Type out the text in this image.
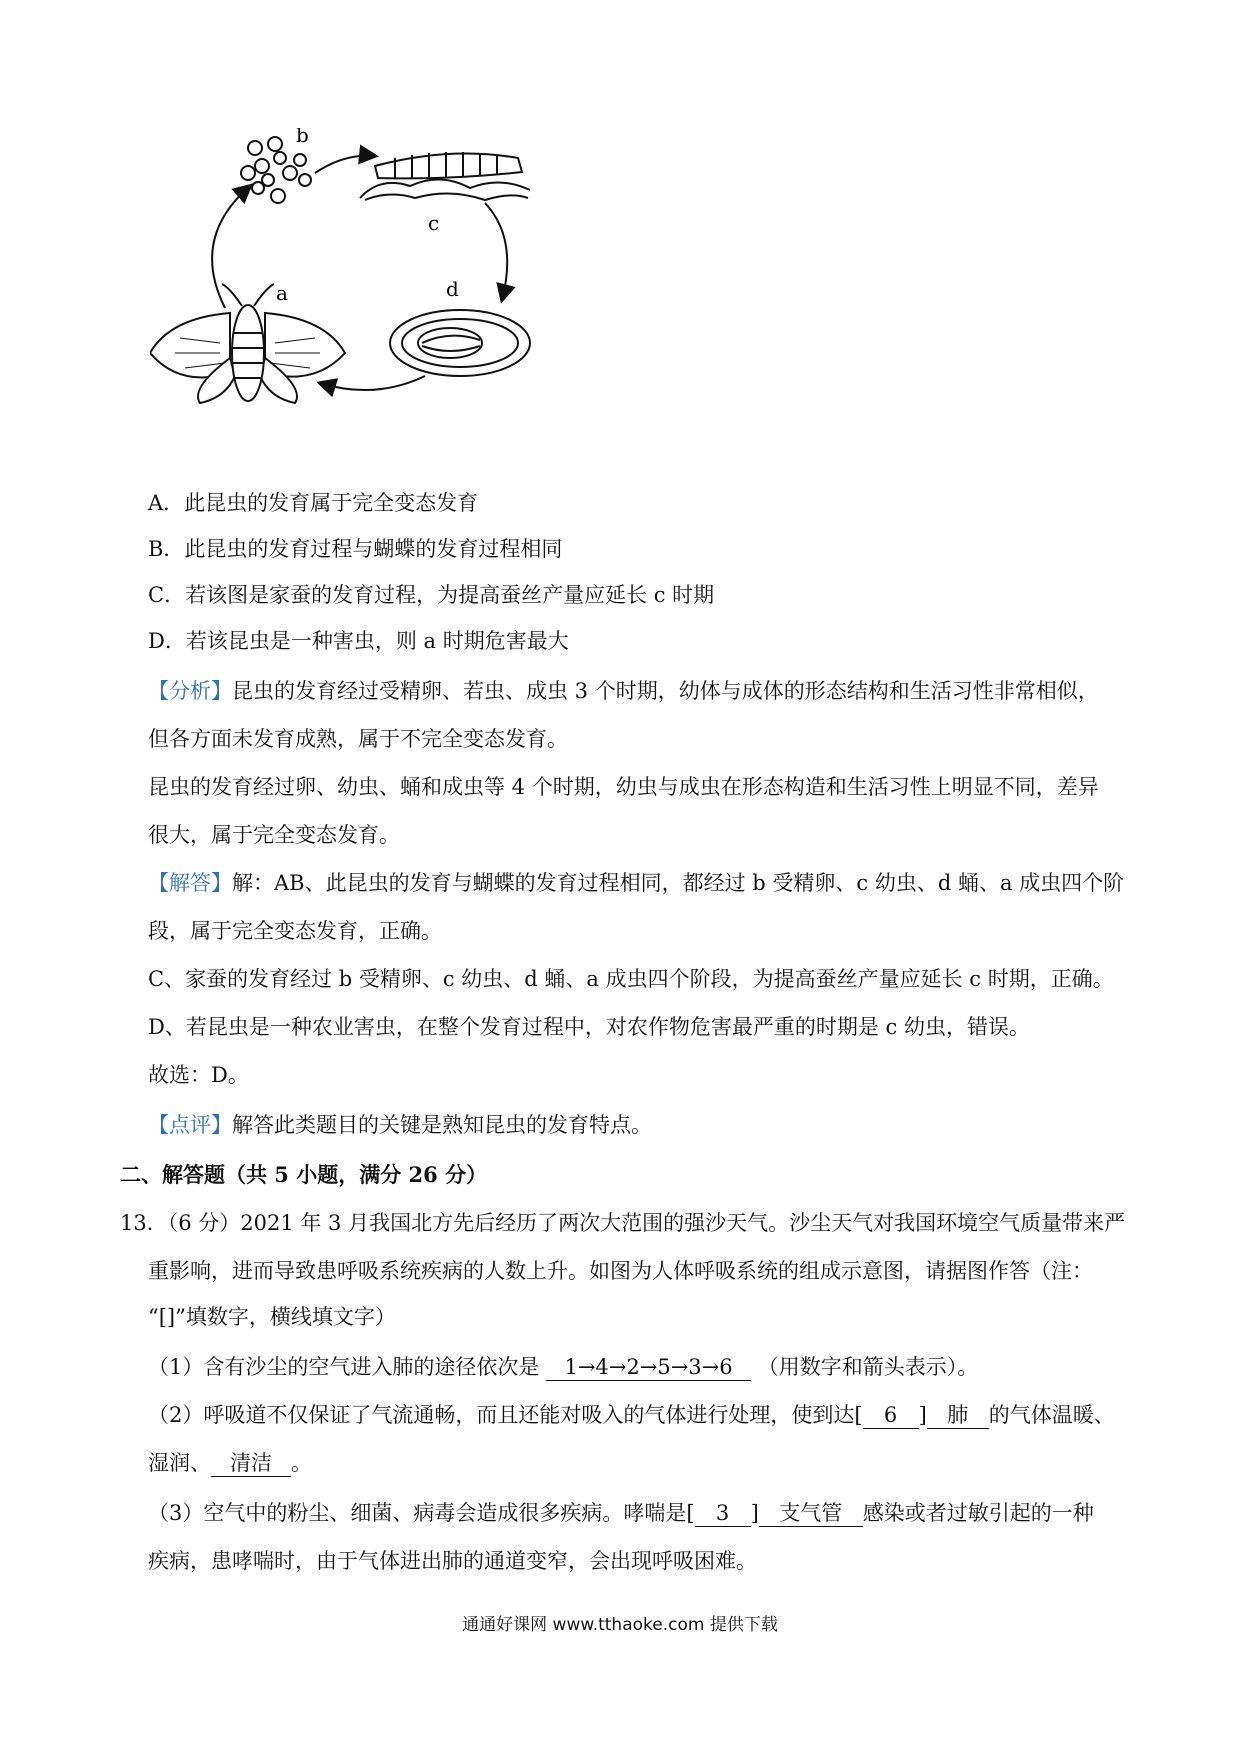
b
c
d
a
A．此昆虫的发育属于完全变态发育
B．此昆虫的发育过程与蝴蝶的发育过程相同
C．若该图是家蚕的发育过程，为提高蚕丝产量应延长 c 时期
D．若该昆虫是一种害虫，则 a 时期危害最大
【分析】昆虫的发育经过受精卵、若虫、成虫 3 个时期，幼体与成体的形态结构和生活习性非常相似，
但各方面未发育成熟，属于不完全变态发育。
昆虫的发育经过卵、幼虫、蛹和成虫等 4 个时期，幼虫与成虫在形态构造和生活习性上明显不同，差异
很大，属于完全变态发育。
【解答】解：AB、此昆虫的发育与蝴蝶的发育过程相同，都经过 b 受精卵、c 幼虫、d 蛹、a 成虫四个阶
段，属于完全变态发育，正确。
C、家蚕的发育经过 b 受精卵、c 幼虫、d 蛹、a 成虫四个阶段，为提高蚕丝产量应延长 c 时期，正确。
D、若昆虫是一种农业害虫，在整个发育过程中，对农作物危害最严重的时期是 c 幼虫，错误。
故选：D。
【点评】解答此类题目的关键是熟知昆虫的发育特点。
二、解答题（共 5 小题，满分 26 分）
13．（6 分）2021 年 3 月我国北方先后经历了两次大范围的强沙天气。沙尘天气对我国环境空气质量带来严
重影响，进而导致患呼吸系统疾病的人数上升。如图为人体呼吸系统的组成示意图，请据图作答（注：
“[]”填数字，横线填文字）
（1）含有沙尘的空气进入肺的途径依次是 1→4→2→5→3→6 （用数字和箭头表示）。
（2）呼吸道不仅保证了气流通畅，而且还能对吸入的气体进行处理，使到达[ 6 ] 肺 的气体温暖、
湿润、 清洁 。
（3）空气中的粉尘、细菌、病毒会造成很多疾病。哮喘是[ 3 ] 支气管 感染或者过敏引起的一种
疾病，患哮喘时，由于气体进出肺的通道变窄，会出现呼吸困难。
通通好课网 www.tthaoke.com 提供下载
